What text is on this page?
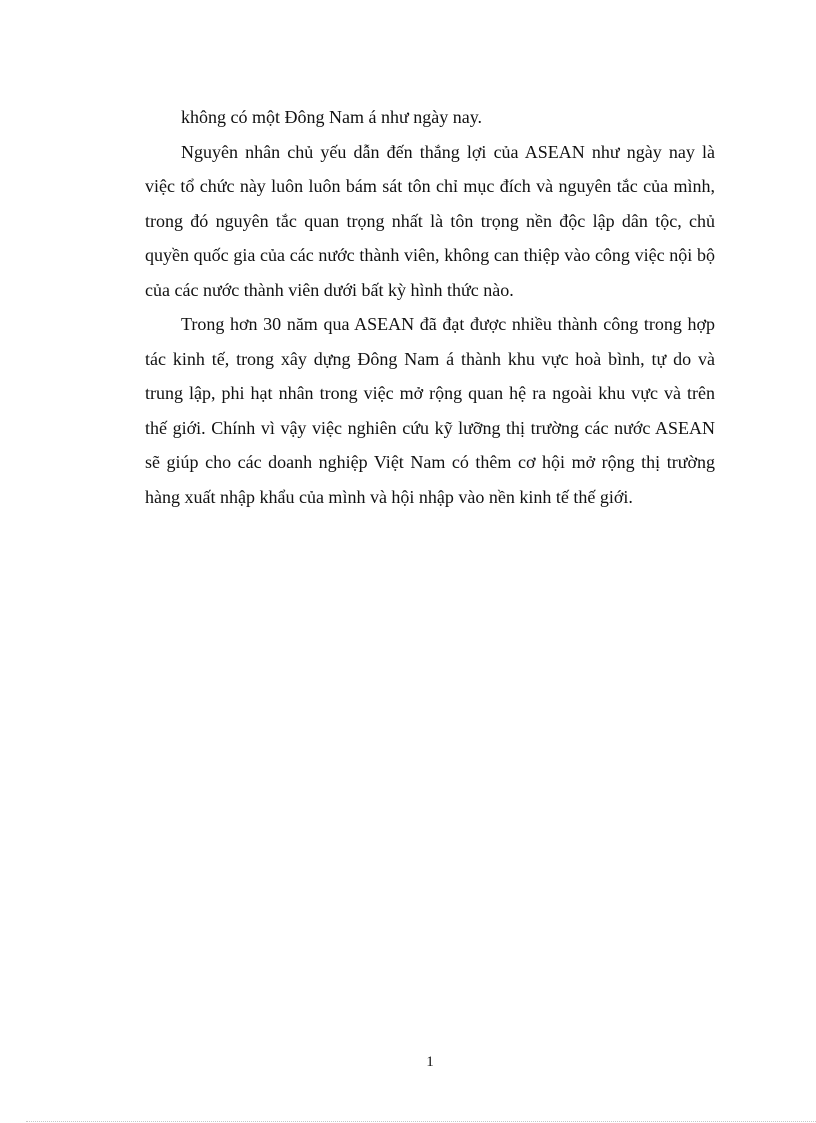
không có một Đông Nam á như ngày nay.

Nguyên nhân chủ yếu dẫn đến thắng lợi của ASEAN như ngày nay là việc tổ chức này luôn luôn bám sát tôn chỉ mục đích và nguyên tắc của mình, trong đó nguyên tắc quan trọng nhất là tôn trọng nền độc lập dân tộc, chủ quyền quốc gia của các nước thành viên, không can thiệp vào công việc nội bộ của các nước thành viên dưới bất kỳ hình thức nào.

Trong hơn 30 năm qua ASEAN đã đạt được nhiều thành công trong hợp tác kinh tế, trong xây dựng Đông Nam á thành khu vực hoà bình, tự do và trung lập, phi hạt nhân trong việc mở rộng quan hệ ra ngoài khu vực và trên thế giới. Chính vì vậy việc nghiên cứu kỹ lưỡng thị trường các nước ASEAN sẽ giúp cho các doanh nghiệp Việt Nam có thêm cơ hội mở rộng thị trường hàng xuất nhập khẩu của mình và hội nhập vào nền kinh tế thế giới.

1
